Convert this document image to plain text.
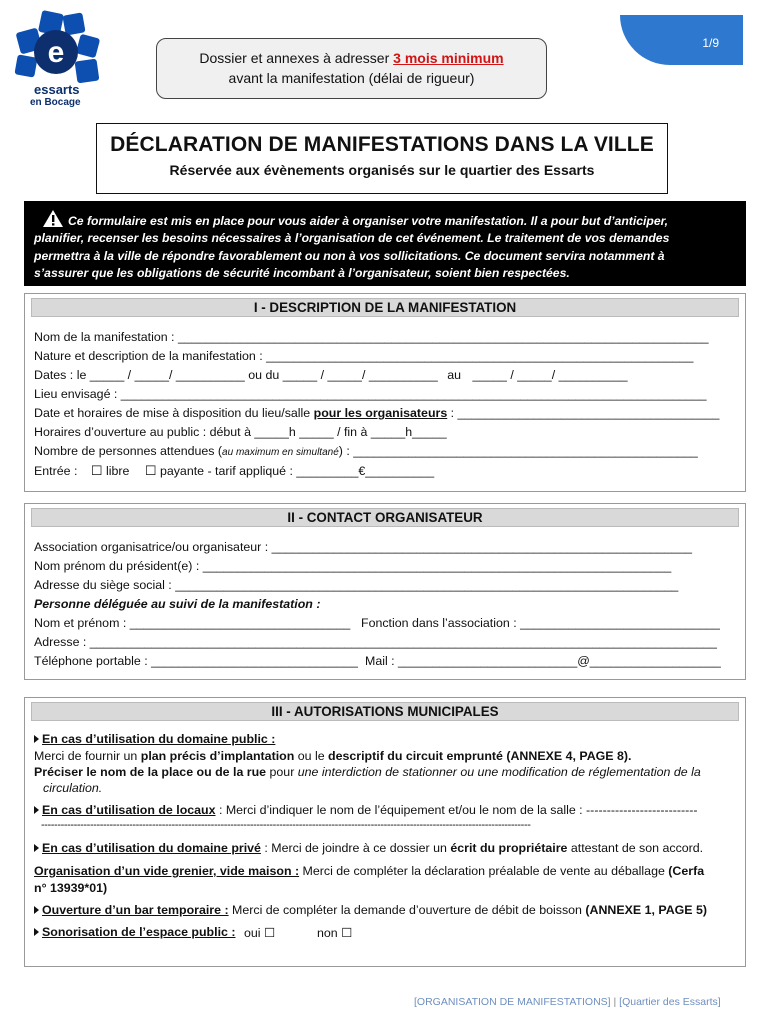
e
essarts
en Bocage
Dossier et annexes à adresser 3 mois minimum
avant la manifestation (délai de rigueur)
1/9
DÉCLARATION DE MANIFESTATIONS DANS LA VILLE
Réservée aux évènements organisés sur le quartier des Essarts
Ce formulaire est mis en place pour vous aider à organiser votre manifestation. Il a pour but d’anticiper,
planifier, recenser les besoins nécessaires à l’organisation de cet événement. Le traitement de vos demandes
permettra à la ville de répondre favorablement ou non à vos sollicitations. Ce document servira notamment à
s’assurer que les obligations de sécurité incombant à l’organisateur, soient bien respectées.
I - DESCRIPTION DE LA MANIFESTATION
Nom de la manifestation : _____________________________________________________________________________
Nature et description de la manifestation : ______________________________________________________________
Dates : le _____ / _____/ __________ ou du _____ / _____/ __________ au _____ / _____/ __________
Lieu envisagé : _____________________________________________________________________________________
Date et horaires de mise à disposition du lieu/salle pour les organisateurs : ______________________________________
Horaires d’ouverture au public : début à _____h _____ / fin à _____h_____
Nombre de personnes attendues (au maximum en simultané) : __________________________________________________
Entrée : ☐ libre ☐ payante - tarif appliqué : _________€__________
II - CONTACT ORGANISATEUR
Association organisatrice/ou organisateur : _____________________________________________________________
Nom prénom du président(e) : ____________________________________________________________________
Adresse du siège social : _________________________________________________________________________
Personne déléguée au suivi de la manifestation :
Nom et prénom : ________________________________ Fonction dans l’association : _____________________________
Adresse : ___________________________________________________________________________________________
Téléphone portable : ______________________________ Mail : __________________________@___________________
III - AUTORISATIONS MUNICIPALES
En cas d’utilisation du domaine public :
Merci de fournir un plan précis d’implantation ou le descriptif du circuit emprunté (ANNEXE 4, PAGE 8).
Préciser le nom de la place ou de la rue pour une interdiction de stationner ou une modification de réglementation de la
circulation.
En cas d’utilisation de locaux : Merci d’indiquer le nom de l’équipement et/ou le nom de la salle : ---------------------------
------------------------------------------------------------------------------------------------------------------------------------------------------
En cas d’utilisation du domaine privé : Merci de joindre à ce dossier un écrit du propriétaire attestant de son accord.
Organisation d’un vide grenier, vide maison : Merci de compléter la déclaration préalable de vente au déballage (Cerfa
n° 13939*01)
Ouverture d’un bar temporaire : Merci de compléter la demande d’ouverture de débit de boisson (ANNEXE 1, PAGE 5)
Sonorisation de l’espace public : oui ☐	non ☐
[ORGANISATION DE MANIFESTATIONS] | [Quartier des Essarts]
